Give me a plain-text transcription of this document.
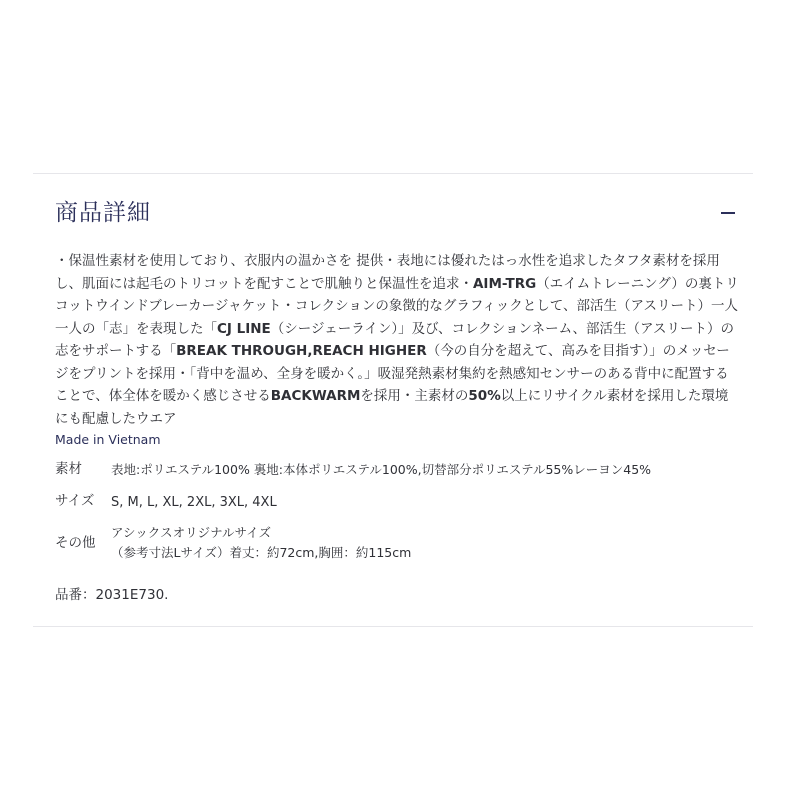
商品詳細

・保温性素材を使用しており、衣服内の温かさを 提供・表地には優れたはっ水性を追求したタフタ素材を採用し、肌面には起毛のトリコットを配すことで肌触りと保温性を追求・AIM-TRG（エイムトレーニング）の裏トリコットウインドブレーカージャケット・コレクションの象徴的なグラフィックとして、部活生（アスリート）一人一人の「志」を表現した「CJ LINE（シージェーライン）」及び、コレクションネーム、部活生（アスリート）の志をサポートする「BREAK THROUGH,REACH HIGHER（今の自分を超えて、高みを目指す）」のメッセージをプリントを採用・「背中を温め、全身を暖かく。」吸湿発熱素材集約を熱感知センサーのある背中に配置することで、体全体を暖かく感じさせるBACKWARMを採用・主素材の50%以上にリサイクル素材を採用した環境にも配慮したウエア

Made in Vietnam
素材 表地:ポリエステル100% 裏地:本体ポリエステル100%,切替部分ポリエステル55%レーヨン45%
サイズ S, M, L, XL, 2XL, 3XL, 4XL
その他
アシックスオリジナルサイズ
（参考寸法Lサイズ）着丈：約72cm,胸囲：約115cm
品番：2031E730.
